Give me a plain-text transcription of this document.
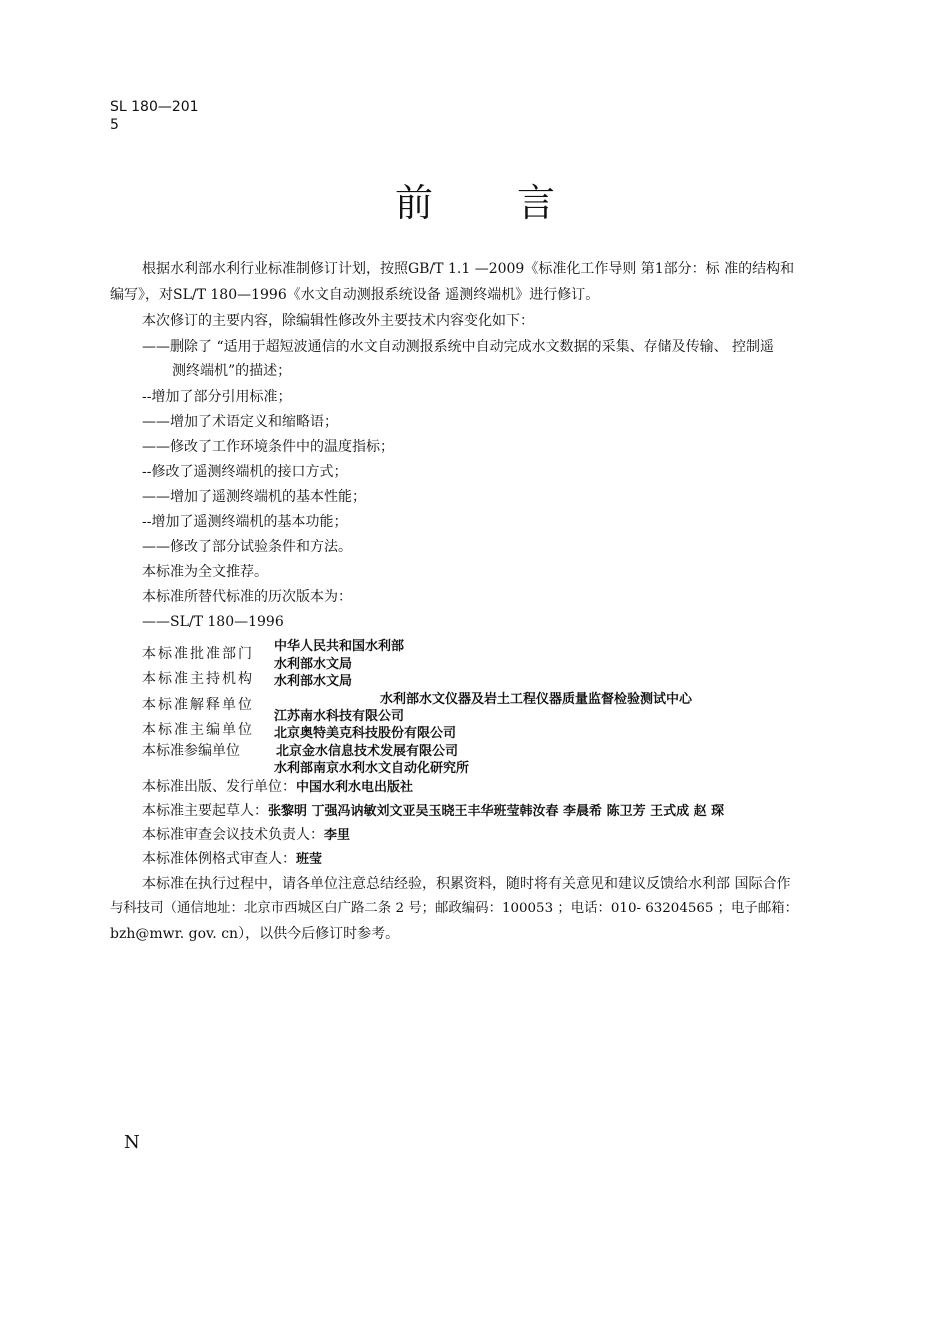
SL 180—201
5
前 言
根据水利部水利行业标准制修订计划，按照GB/T 1.1 —2009《标准化工作导则 第1部分：标 准的结构和
编写》，对SL/T 180—1996《水文自动测报系统设备 遥测终端机》进行修订。
本次修订的主要内容，除编辑性修改外主要技术内容变化如下：
——删除了 “适用于超短波通信的水文自动测报系统中自动完成水文数据的采集、存储及传输、 控制遥
测终端机”的描述；
--增加了部分引用标准；
——增加了术语定义和缩略语；
——修改了工作环境条件中的温度指标；
--修改了遥测终端机的接口方式；
——增加了遥测终端机的基本性能；
--增加了遥测终端机的基本功能；
——修改了部分试验条件和方法。
本标准为全文推荐。
本标准所替代标准的历次版本为：
——SL/T 180—1996
本标准批准部门 中华人民共和国水利部
水利部水文局
本标准主持机构 水利部水文局
本标准解释单位	水利部水文仪器及岩土工程仪器质量监督检验测试中心
江苏南水科技有限公司
本标准主编单位 北京奥特美克科技股份有限公司
本标准参编单位	北京金水信息技术发展有限公司
水利部南京水利水文自动化研究所
本标准出版、发行单位：中国水利水电出版社
本标准主要起草人：张黎明 丁强冯讷敏刘文亚吴玉晓王丰华班莹韩汝春 李晨希 陈卫芳 王式成 赵 琛
本标准审查会议技术负责人：李里
本标准体例格式审查人：班莹
本标准在执行过程中，请各单位注意总结经验，积累资料，随时将有关意见和建议反馈给水利部 国际合作
与科技司（通信地址：北京市西城区白广路二条 2 号；邮政编码：100053 ；电话：010- 63204565 ；电子邮箱：
bzh@mwr. gov. cn），以供今后修订时参考。
N
